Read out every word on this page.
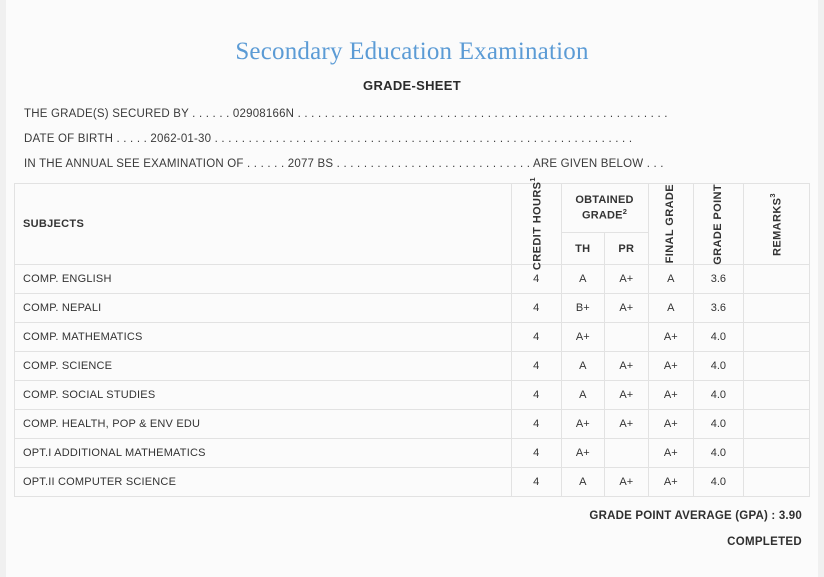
Secondary Education Examination
GRADE-SHEET
THE GRADE(S) SECURED BY . . . . . . 02908166N . . . . . . . . . . . . . . . . . . . . . . . . . . . . . . . . . . . . . . . . . . . . . . . . . . . . . . .
DATE OF BIRTH . . . . . 2062-01-30 . . . . . . . . . . . . . . . . . . . . . . . . . . . . . . . . . . . . . . . . . . . . . . . . . . . . . . . . . . . . . .
IN THE ANNUAL SEE EXAMINATION OF . . . . . . 2077 BS . . . . . . . . . . . . . . . . . . . . . . . . . . . . . ARE GIVEN BELOW . . .
SUBJECTS	CREDIT HOURS$^1$	OBTAINED GRADE$^2$		FINAL GRADE	GRADE POINT	REMARKS$^3$

		TH	PR			
COMP. ENGLISH	4	A	A+	A	3.6	
COMP. NEPALI	4	B+	A+	A	3.6	
COMP. MATHEMATICS	4	A+		A+	4.0	
COMP. SCIENCE	4	A	A+	A+	4.0	
COMP. SOCIAL STUDIES	4	A	A+	A+	4.0	
COMP. HEALTH, POP & ENV EDU	4	A+	A+	A+	4.0	
OPT.I ADDITIONAL MATHEMATICS	4	A+		A+	4.0	
OPT.II COMPUTER SCIENCE	4	A	A+	A+	4.0	
GRADE POINT AVERAGE (GPA) : 3.90
COMPLETED
